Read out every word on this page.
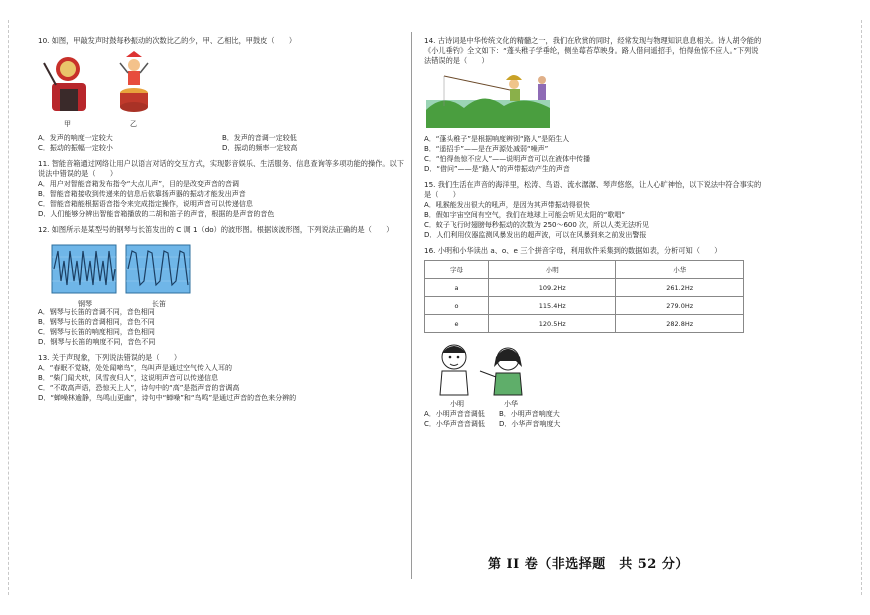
10. 如图，甲敲发声时鼓每秒振动的次数比乙的少，甲、乙相比，甲鼓皮（　　）

甲	乙

A．发声的响度一定较大	B．发声的音调一定较低

C．振动的振幅一定较小	D．振动的频率一定较高

11. 智能音箱通过网络让用户以语言对话的交互方式，实现影音娱乐、生活服务、信息查询等多项功能的操作。以下说法中错误的是（　　）

A．用户对智能音箱发布指令“大点儿声”，目的是改变声音的音调

B．智能音箱接收到传递来的信息后依靠扬声器的振动才能发出声音

C．智能音箱能根据语音指令来完成指定操作，说明声音可以传递信息

D．人们能够分辨出智能音箱播放的二胡和笛子的声音，根据的是声音的音色

12. 如图所示是某型号的钢琴与长笛发出的 C 调 1（do）的波形图。根据该波形图，下列说法正确的是（　　）

钢琴	长笛

A．钢琴与长笛的音调不同，音色相同

B．钢琴与长笛的音调相同，音色不同

C．钢琴与长笛的响度相同，音色相同

D．钢琴与长笛的响度不同，音色不同

13. 关于声现象，下列说法错误的是（　　）

A．“春眠不觉晓，处处闻啼鸟”，鸟叫声是通过空气传入人耳的

B．“柴门闻犬吠，风雪夜归人”，这说明声音可以传递信息

C．“不敢高声语，恐惊天上人”，诗句中的“高”是指声音的音调高

D．“蝉噪林逾静，鸟鸣山更幽”，诗句中“蝉噪”和“鸟鸣”是通过声音的音色来分辨的

14. 古诗词是中华传统文化的精髓之一，我们在欣赏的同时，经常发现与物理知识息息相关。诗人胡令能的《小儿垂钓》全文如下：“蓬头稚子学垂纶，侧坐莓苔草映身。路人借问遥招手，怕得鱼惊不应人。”下列说法错误的是（　　）

A．“蓬头稚子”是根据响度辨别“路人”是陌生人

B．“遥招手”——是在声源处减弱“噪声”

C．“怕得鱼惊不应人”——说明声音可以在液体中传播

D．“借问”——是“路人”的声带振动产生的声音

15. 我们生活在声音的海洋里，松涛、鸟语、流水潺潺、琴声悠悠，让人心旷神怡，以下说法中符合事实的是（　　）

A．吼猴能发出很大的吼声，是因为其声带振动得很快

B．假如宇宙空间有空气，我们在地球上可能会听见太阳的“歌唱”

C．蚊子飞行时翅膀每秒振动的次数为 250～600 次，所以人类无法听见

D．人们利用仪器监测风暴发出的超声波，可以在风暴到来之前发出警报

16. 小明和小华读出 a、o、e 三个拼音字母，利用软件采集到的数据如表，分析可知（　　）

字母	小明	小华
a	109.2Hz	261.2Hz
o	115.4Hz	279.0Hz
e	120.5Hz	282.8Hz
小明	小华

A．小明声音音调低	B．小明声音响度大

C．小华声音音调低	D．小华声音响度大

第 II 卷（非选择题　共 52 分）
